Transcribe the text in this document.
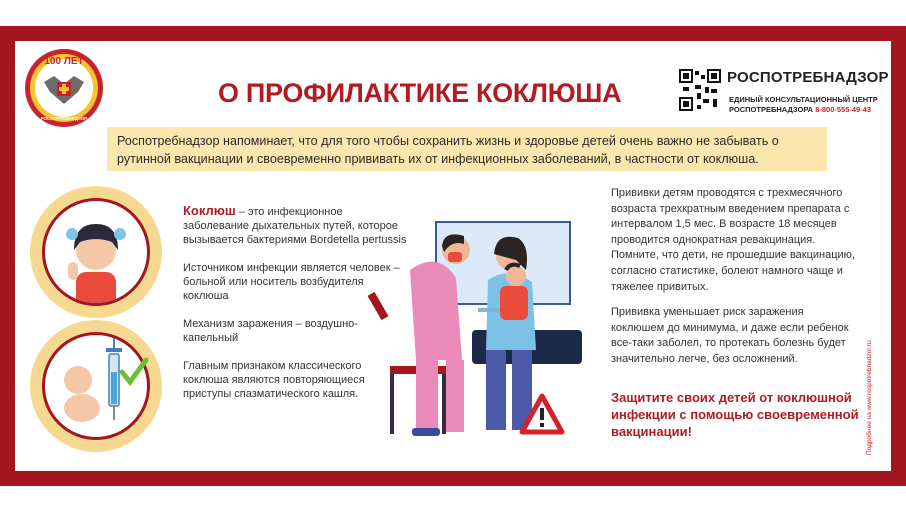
100 ЛЕТ
РОСПОТРЕБНАДЗОР
О ПРОФИЛАКТИКЕ КОКЛЮША
РОСПОТРЕБНАДЗОР
ЕДИНЫЙ КОНСУЛЬТАЦИОННЫЙ ЦЕНТР
РОСПОТРЕБНАДЗОРА 8-800-555-49-43
Роспотребнадзор напоминает, что для того чтобы сохранить жизнь и здоровье детей очень важно не забывать о рутинной вакцинации и своевременно прививать их от инфекционных заболеваний, в частности от коклюша.

Коклюш – это инфекционное заболевание дыхательных путей, которое вызывается бактериями Bordetella pertussis

Источником инфекции является человек – больной или носитель возбудителя коклюша

Механизм заражения – воздушно-капельный

Главным признаком классического коклюша являются повторяющиеся приступы спазматического кашля.

Прививки детям проводятся с трехмесячного возраста трехкратным введением препарата с интервалом 1,5 мес. В возрасте 18 месяцев проводится однократная ревакцинация. Помните, что дети, не прошедшие вакцинацию, согласно статистике, болеют намного чаще и тяжелее привитых.

Прививка уменьшает риск заражения коклюшем до минимума, и даже если ребенок все-таки заболел, то протекать болезнь будет значительно легче, без осложнений.

Защитите своих детей от коклюшной инфекции с помощью своевременной вакцинации!	Подробнее на www.rospotrebnadzor.ru
